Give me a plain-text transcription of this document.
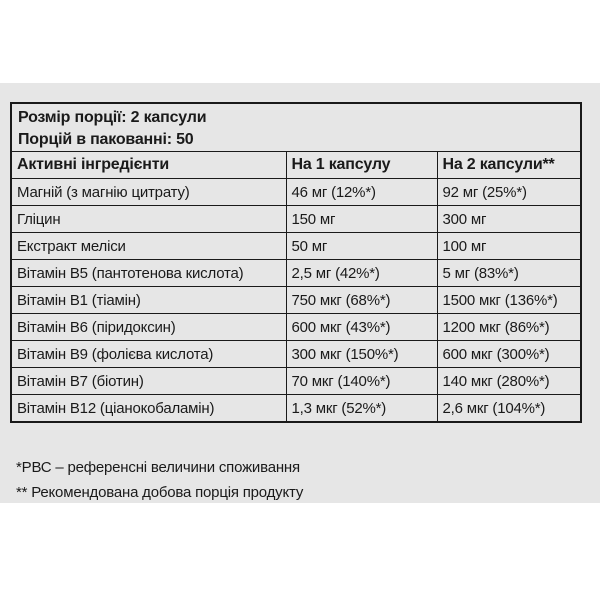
Розмір порції: 2 капсули
Порцій в пакованні: 50
Активні інгредієнти	На 1 капсулу	На 2 капсули**
Магній (з магнію цитрату)	46 мг (12%*)	92 мг (25%*)
Гліцин	150 мг	300 мг
Екстракт меліси	50 мг	100 мг
Вітамін В5 (пантотенова кислота)	2,5 мг (42%*)	5 мг (83%*)
Вітамін В1 (тіамін)	750 мкг (68%*)	1500 мкг (136%*)
Вітамін В6 (піридоксин)	600 мкг (43%*)	1200 мкг (86%*)
Вітамін В9 (фолієва кислота)	300 мкг (150%*)	600 мкг (300%*)
Вітамін В7 (біотин)	70 мкг (140%*)	140 мкг (280%*)
Вітамін В12 (ціанокобаламін)	1,3 мкг (52%*)	2,6 мкг (104%*)
*РВС – референсні величини споживання
** Рекомендована добова порція продукту
